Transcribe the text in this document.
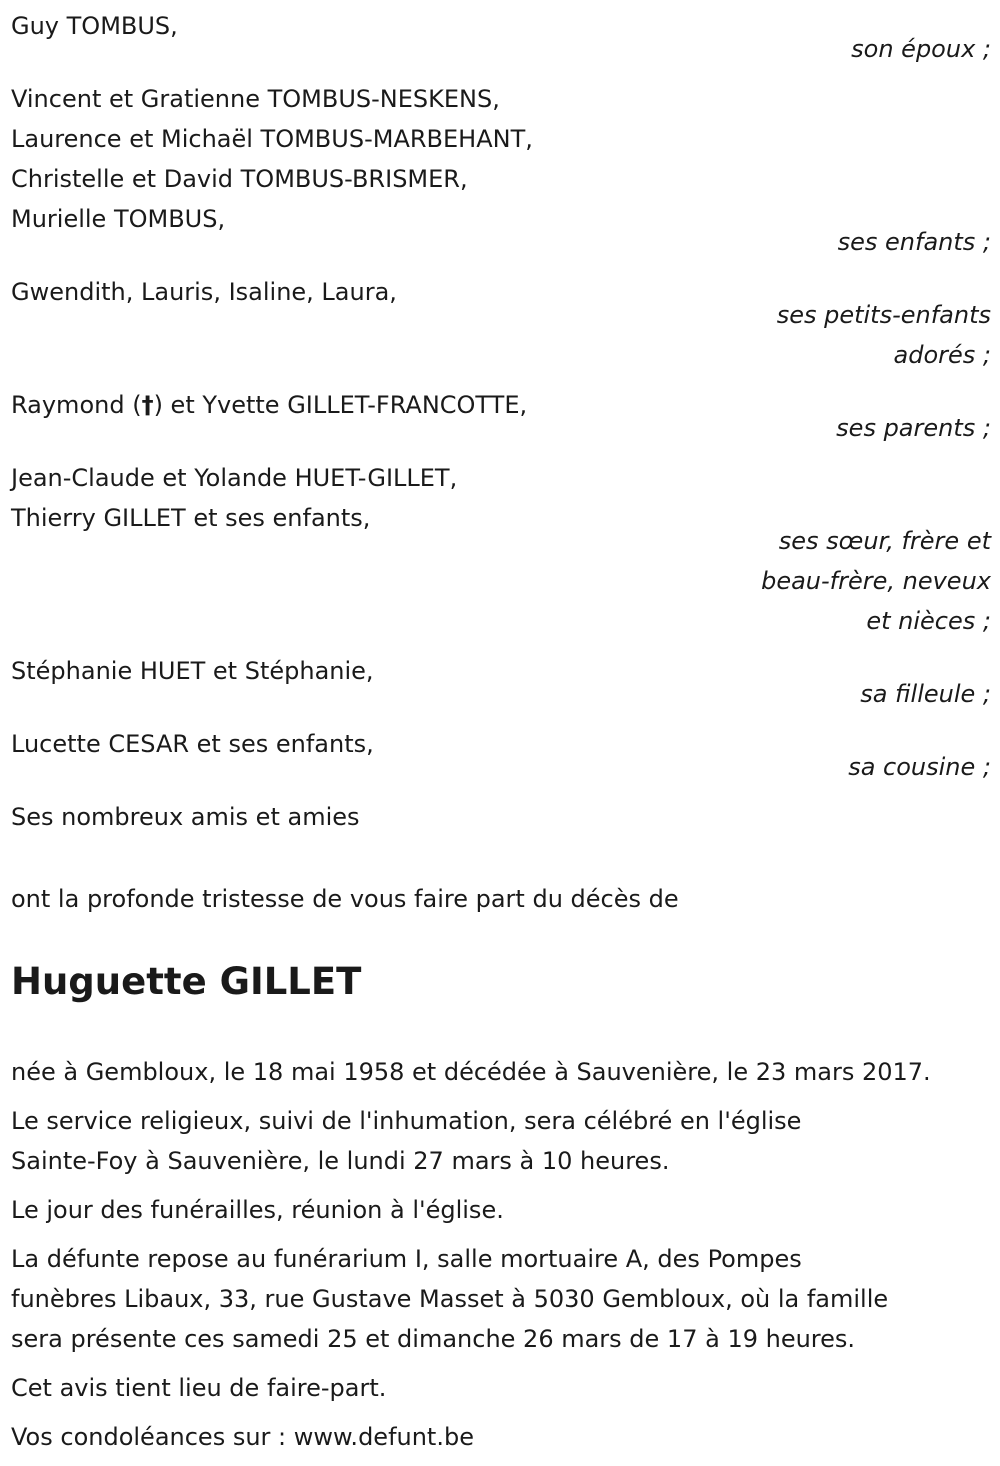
Guy TOMBUS,
son époux ;
Vincent et Gratienne TOMBUS-NESKENS,
Laurence et Michaël TOMBUS-MARBEHANT,
Christelle et David TOMBUS-BRISMER,
Murielle TOMBUS,
ses enfants ;
Gwendith, Lauris, Isaline, Laura,
ses petits-enfants
adorés ;
Raymond (†) et Yvette GILLET-FRANCOTTE,
ses parents ;
Jean-Claude et Yolande HUET-GILLET,
Thierry GILLET et ses enfants,
ses sœur, frère et
beau-frère, neveux
et nièces ;
Stéphanie HUET et Stéphanie,
sa filleule ;
Lucette CESAR et ses enfants,
sa cousine ;
Ses nombreux amis et amies
ont la profonde tristesse de vous faire part du décès de
Huguette GILLET
née à Gembloux, le 18 mai 1958 et décédée à Sauvenière, le 23 mars 2017.
Le service religieux, suivi de l'inhumation, sera célébré en l'église
Sainte-Foy à Sauvenière, le lundi 27 mars à 10 heures.
Le jour des funérailles, réunion à l'église.
La défunte repose au funérarium I, salle mortuaire A, des Pompes
funèbres Libaux, 33, rue Gustave Masset à 5030 Gembloux, où la famille
sera présente ces samedi 25 et dimanche 26 mars de 17 à 19 heures.
Cet avis tient lieu de faire-part.
Vos condoléances sur : www.defunt.be
